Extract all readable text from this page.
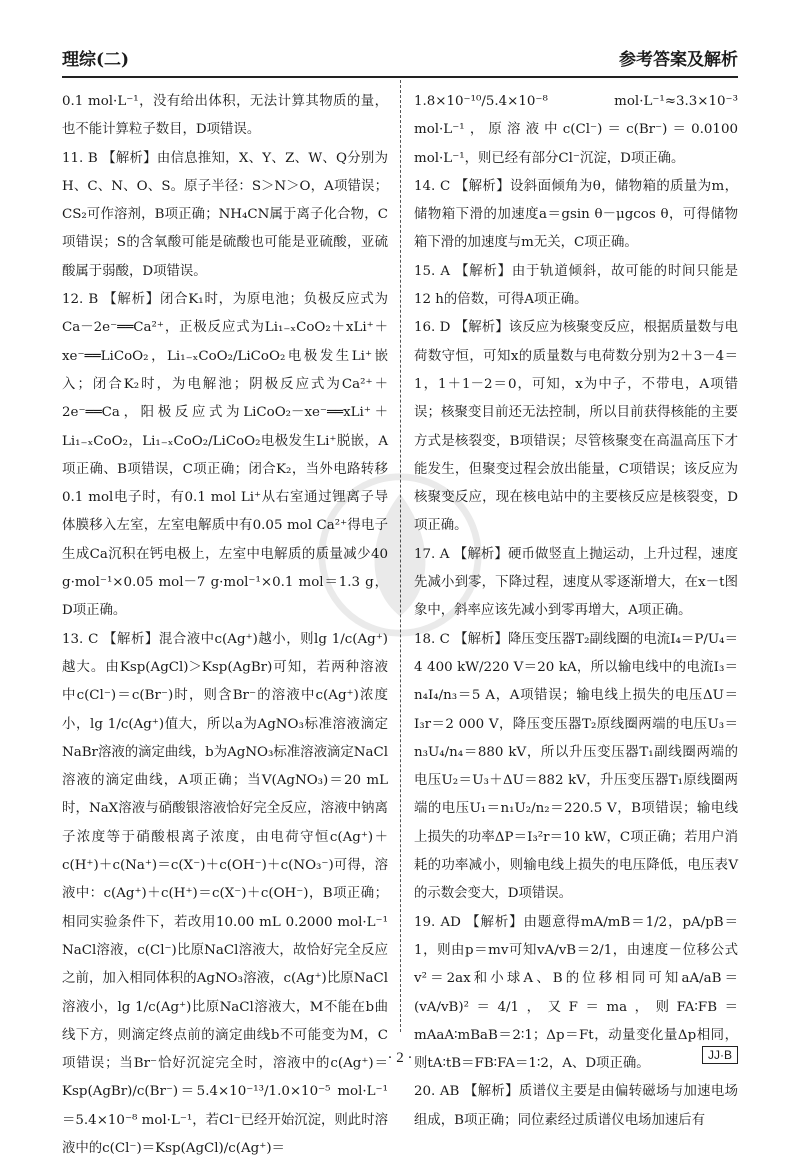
理综(二)	参考答案及解析

0.1 mol·L⁻¹，没有给出体积，无法计算其物质的量，也不能计算粒子数目，D项错误。

11. B 【解析】由信息推知，X、Y、Z、W、Q分别为H、C、N、O、S。原子半径：S＞N＞O，A项错误；CS₂可作溶剂，B项正确；NH₄CN属于离子化合物，C项错误；S的含氧酸可能是硫酸也可能是亚硫酸，亚硫酸属于弱酸，D项错误。

12. B 【解析】闭合K₁时，为原电池；负极反应式为Ca－2e⁻══Ca²⁺，正极反应式为Li₁₋ₓCoO₂＋xLi⁺＋xe⁻══LiCoO₂，Li₁₋ₓCoO₂/LiCoO₂电极发生Li⁺嵌入；闭合K₂时，为电解池；阴极反应式为Ca²⁺＋2e⁻══Ca，阳极反应式为LiCoO₂－xe⁻══xLi⁺＋Li₁₋ₓCoO₂，Li₁₋ₓCoO₂/LiCoO₂电极发生Li⁺脱嵌，A项正确、B项错误，C项正确；闭合K₂，当外电路转移0.1 mol电子时，有0.1 mol Li⁺从右室通过锂离子导体膜移入左室，左室电解质中有0.05 mol Ca²⁺得电子生成Ca沉积在钙电极上，左室中电解质的质量减少40 g·mol⁻¹×0.05 mol－7 g·mol⁻¹×0.1 mol＝1.3 g，D项正确。

13. C 【解析】混合液中c(Ag⁺)越小，则lg 1/c(Ag⁺)越大。由Ksp(AgCl)＞Ksp(AgBr)可知，若两种溶液中c(Cl⁻)＝c(Br⁻)时，则含Br⁻的溶液中c(Ag⁺)浓度小，lg 1/c(Ag⁺)值大，所以a为AgNO₃标准溶液滴定NaBr溶液的滴定曲线，b为AgNO₃标准溶液滴定NaCl溶液的滴定曲线，A项正确；当V(AgNO₃)＝20 mL时，NaX溶液与硝酸银溶液恰好完全反应，溶液中钠离子浓度等于硝酸根离子浓度，由电荷守恒c(Ag⁺)＋c(H⁺)＋c(Na⁺)＝c(X⁻)＋c(OH⁻)＋c(NO₃⁻)可得，溶液中：c(Ag⁺)＋c(H⁺)＝c(X⁻)＋c(OH⁻)，B项正确；相同实验条件下，若改用10.00 mL 0.2000 mol·L⁻¹ NaCl溶液，c(Cl⁻)比原NaCl溶液大，故恰好完全反应之前，加入相同体积的AgNO₃溶液，c(Ag⁺)比原NaCl溶液小，lg 1/c(Ag⁺)比原NaCl溶液大，M不能在b曲线下方，则滴定终点前的滴定曲线b不可能变为M，C项错误；当Br⁻恰好沉淀完全时，溶液中的c(Ag⁺)＝Ksp(AgBr)/c(Br⁻)＝5.4×10⁻¹³/1.0×10⁻⁵ mol·L⁻¹＝5.4×10⁻⁸ mol·L⁻¹，若Cl⁻已经开始沉淀，则此时溶液中的c(Cl⁻)＝Ksp(AgCl)/c(Ag⁺)＝

1.8×10⁻¹⁰/5.4×10⁻⁸ mol·L⁻¹≈3.3×10⁻³ mol·L⁻¹，原溶液中c(Cl⁻)＝c(Br⁻)＝0.0100 mol·L⁻¹，则已经有部分Cl⁻沉淀，D项正确。

14. C 【解析】设斜面倾角为θ，储物箱的质量为m，储物箱下滑的加速度a＝gsin θ－μgcos θ，可得储物箱下滑的加速度与m无关，C项正确。

15. A 【解析】由于轨道倾斜，故可能的时间只能是12 h的倍数，可得A项正确。

16. D 【解析】该反应为核聚变反应，根据质量数与电荷数守恒，可知x的质量数与电荷数分别为2＋3－4＝1，1＋1－2＝0，可知，x为中子，不带电，A项错误；核聚变目前还无法控制，所以目前获得核能的主要方式是核裂变，B项错误；尽管核聚变在高温高压下才能发生，但聚变过程会放出能量，C项错误；该反应为核聚变反应，现在核电站中的主要核反应是核裂变，D项正确。

17. A 【解析】硬币做竖直上抛运动，上升过程，速度先减小到零，下降过程，速度从零逐渐增大，在x－t图象中，斜率应该先减小到零再增大，A项正确。

18. C 【解析】降压变压器T₂副线圈的电流I₄＝P/U₄＝4 400 kW/220 V＝20 kA，所以输电线中的电流I₃＝n₄I₄/n₃＝5 A，A项错误；输电线上损失的电压ΔU＝I₃r＝2 000 V，降压变压器T₂原线圈两端的电压U₃＝n₃U₄/n₄＝880 kV，所以升压变压器T₁副线圈两端的电压U₂＝U₃＋ΔU＝882 kV，升压变压器T₁原线圈两端的电压U₁＝n₁U₂/n₂＝220.5 V，B项错误；输电线上损失的功率ΔP＝I₃²r＝10 kW，C项正确；若用户消耗的功率减小，则输电线上损失的电压降低，电压表V的示数会变大，D项错误。

19. AD 【解析】由题意得mA/mB＝1/2，pA/pB＝1，则由p＝mv可知vA/vB＝2/1，由速度－位移公式v²＝2ax和小球A、B的位移相同可知aA/aB＝(vA/vB)²＝4/1，又F＝ma，则FA∶FB＝mAaA∶mBaB＝2∶1；Δp＝Ft，动量变化量Δp相同，则tA∶tB＝FB∶FA＝1∶2，A、D项正确。

20. AB 【解析】质谱仪主要是由偏转磁场与加速电场组成，B项正确；同位素经过质谱仪电场加速后有

· 2 ·	JJ·B
